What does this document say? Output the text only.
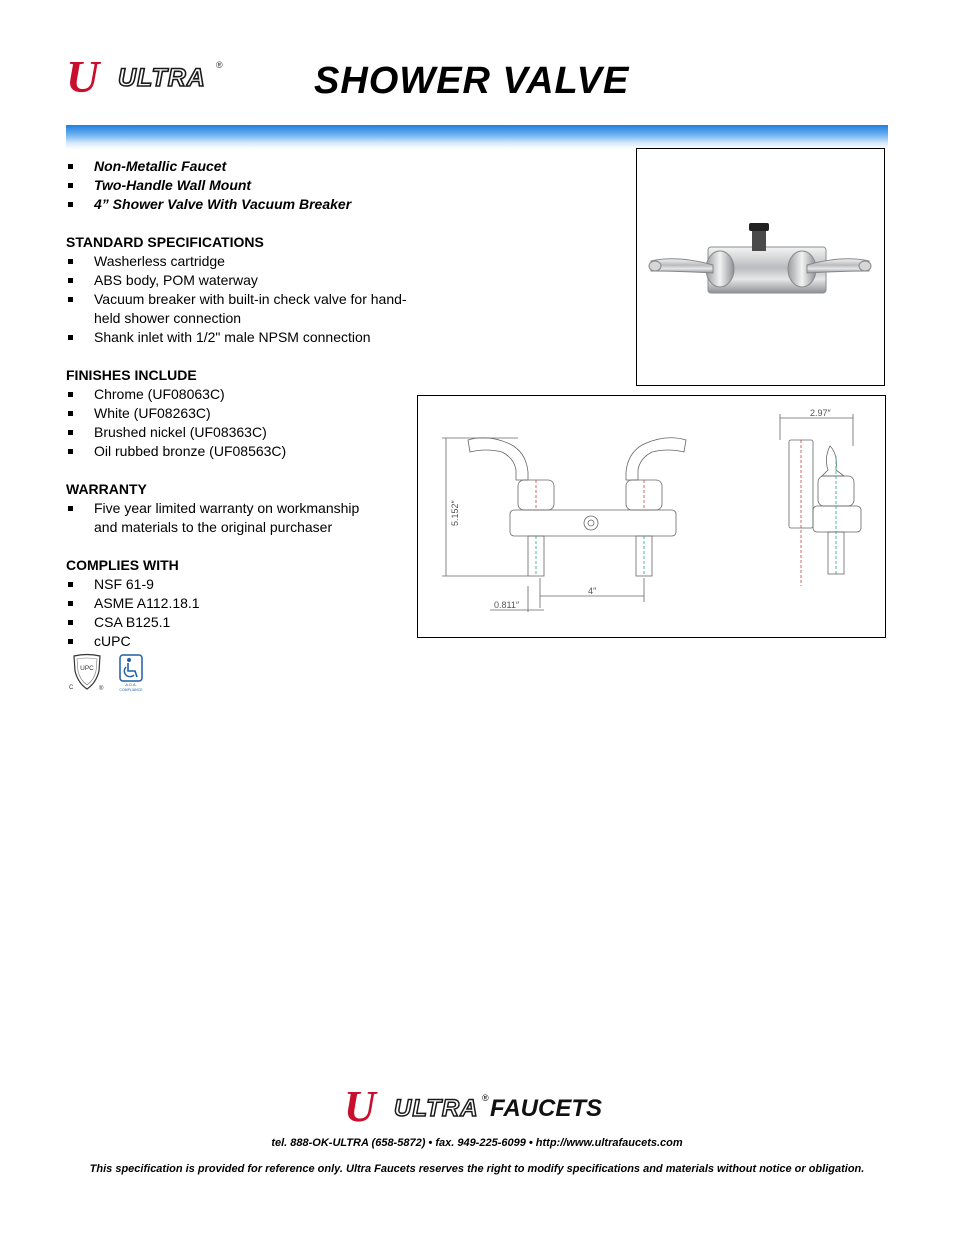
U ULTRA ® SHOWER VALVE
Non-Metallic Faucet
Two-Handle Wall Mount
4” Shower Valve With Vacuum Breaker

STANDARD SPECIFICATIONS

Washerless cartridge
ABS body, POM waterway
Vacuum breaker with built-in check valve for hand-held shower connection
Shank inlet with 1/2" male NPSM connection

FINISHES INCLUDE

Chrome (UF08063C)
White (UF08263C)
Brushed nickel (UF08363C)
Oil rubbed bronze (UF08563C)

WARRANTY

Five year limited warranty on workmanship and materials to the original purchaser

COMPLIES WITH

NSF 61-9
ASME A112.18.1
CSA B125.1
cUPC
UPC
C	®
A.D.A.
COMPLIANCE
5.152″
4″
0.811″
2.97″
U ULTRA ® FAUCETS
tel. 888-OK-ULTRA (658-5872) • fax. 949-225-6099 • http://www.ultrafaucets.com
This specification is provided for reference only. Ultra Faucets reserves the right to modify specifications and materials without notice or obligation.
